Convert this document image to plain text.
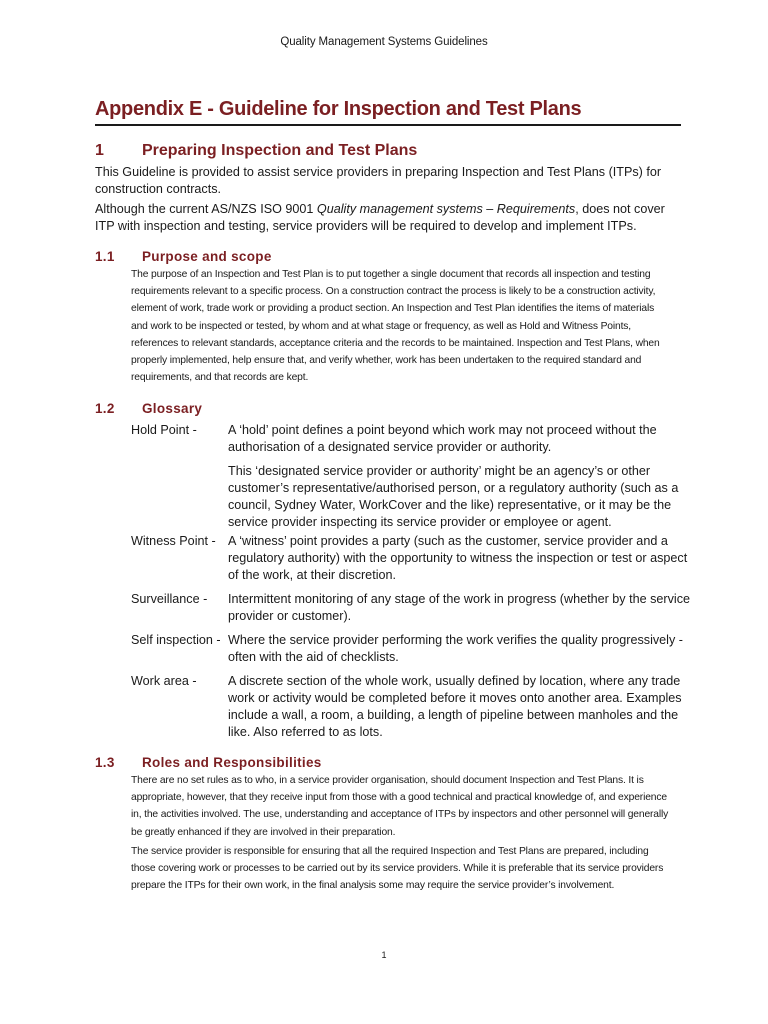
Quality Management Systems Guidelines
Appendix E - Guideline for Inspection and Test Plans
1 Preparing Inspection and Test Plans

This Guideline is provided to assist service providers in preparing Inspection and Test Plans (ITPs) for construction contracts.

Although the current AS/NZS ISO 9001 Quality management systems – Requirements, does not cover ITP with inspection and testing, service providers will be required to develop and implement ITPs.

1.1 Purpose and scope

The purpose of an Inspection and Test Plan is to put together a single document that records all inspection and testing requirements relevant to a specific process. On a construction contract the process is likely to be a construction activity, element of work, trade work or providing a product section. An Inspection and Test Plan identifies the items of materials and work to be inspected or tested, by whom and at what stage or frequency, as well as Hold and Witness Points, references to relevant standards, acceptance criteria and the records to be maintained. Inspection and Test Plans, when properly implemented, help ensure that, and verify whether, work has been undertaken to the required standard and requirements, and that records are kept.

1.2 Glossary

Hold Point - A ‘hold’ point defines a point beyond which work may not proceed without the authorisation of a designated service provider or authority.

This ‘designated service provider or authority’ might be an agency’s or other customer’s representative/authorised person, or a regulatory authority (such as a council, Sydney Water, WorkCover and the like) representative, or it may be the service provider inspecting its service provider or employee or agent.

Witness Point - A ‘witness’ point provides a party (such as the customer, service provider and a regulatory authority) with the opportunity to witness the inspection or test or aspect of the work, at their discretion.

Surveillance - Intermittent monitoring of any stage of the work in progress (whether by the service provider or customer).

Self inspection - Where the service provider performing the work verifies the quality progressively - often with the aid of checklists.

Work area - A discrete section of the whole work, usually defined by location, where any trade work or activity would be completed before it moves onto another area. Examples include a wall, a room, a building, a length of pipeline between manholes and the like. Also referred to as lots.

1.3 Roles and Responsibilities

There are no set rules as to who, in a service provider organisation, should document Inspection and Test Plans. It is appropriate, however, that they receive input from those with a good technical and practical knowledge of, and experience in, the activities involved. The use, understanding and acceptance of ITPs by inspectors and other personnel will generally be greatly enhanced if they are involved in their preparation.

The service provider is responsible for ensuring that all the required Inspection and Test Plans are prepared, including those covering work or processes to be carried out by its service providers. While it is preferable that its service providers prepare the ITPs for their own work, in the final analysis some may require the service provider’s involvement.

1
